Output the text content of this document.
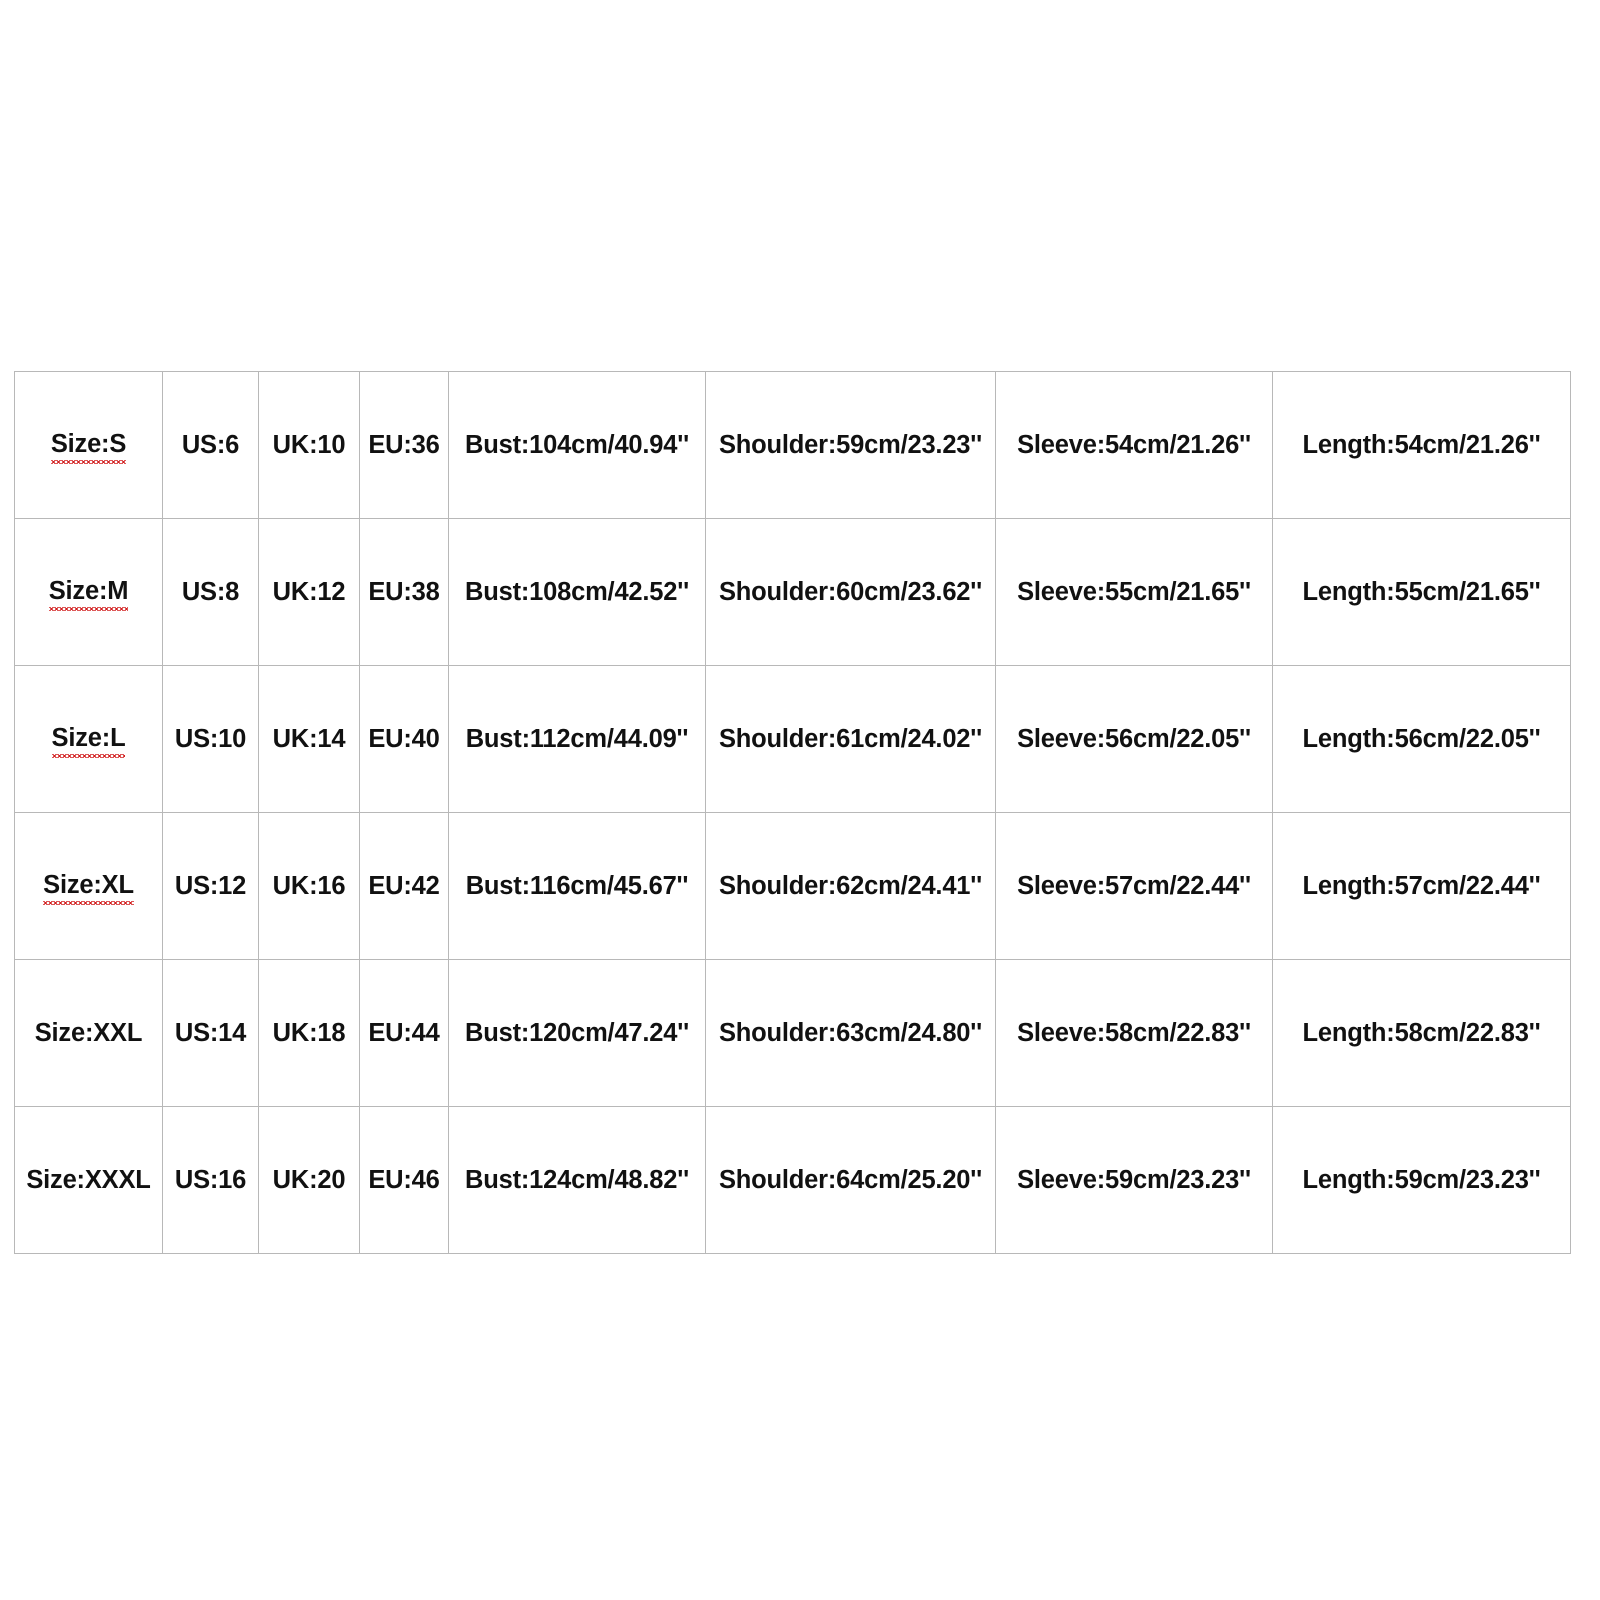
Size:S	US:6	UK:10	EU:36	Bust:104cm/40.94''	Shoulder:59cm/23.23''	Sleeve:54cm/21.26''	Length:54cm/21.26''
Size:M	US:8	UK:12	EU:38	Bust:108cm/42.52''	Shoulder:60cm/23.62''	Sleeve:55cm/21.65''	Length:55cm/21.65''
Size:L	US:10	UK:14	EU:40	Bust:112cm/44.09''	Shoulder:61cm/24.02''	Sleeve:56cm/22.05''	Length:56cm/22.05''
Size:XL	US:12	UK:16	EU:42	Bust:116cm/45.67''	Shoulder:62cm/24.41''	Sleeve:57cm/22.44''	Length:57cm/22.44''
Size:XXL	US:14	UK:18	EU:44	Bust:120cm/47.24''	Shoulder:63cm/24.80''	Sleeve:58cm/22.83''	Length:58cm/22.83''
Size:XXXL	US:16	UK:20	EU:46	Bust:124cm/48.82''	Shoulder:64cm/25.20''	Sleeve:59cm/23.23''	Length:59cm/23.23''
